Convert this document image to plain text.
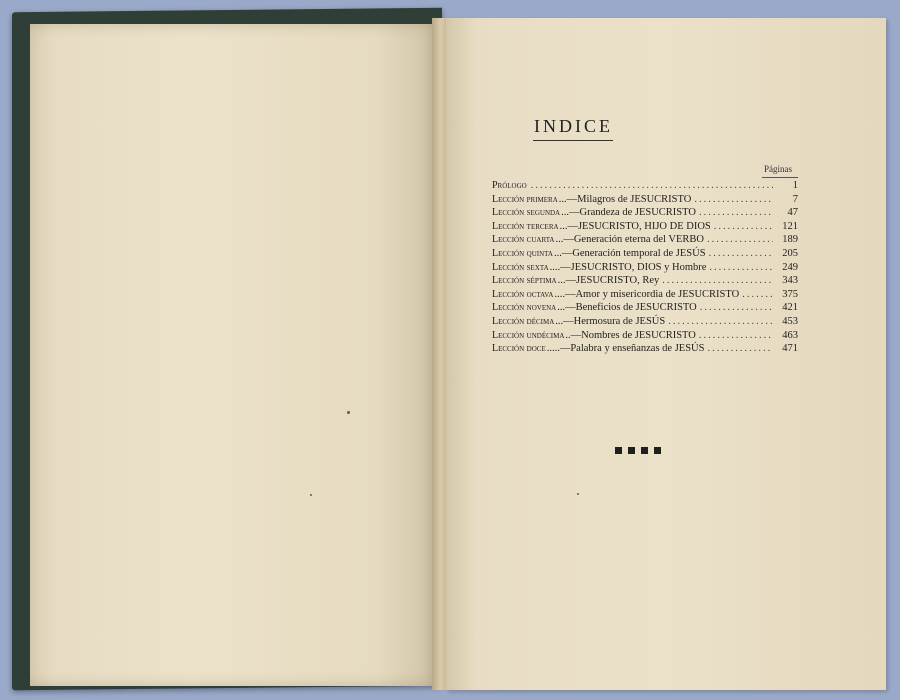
INDICE
Páginas
Prólogo .....	1
Lección primera ...—Milagros de JESUCRISTO .....	7
Lección segunda ...—Grandeza de JESUCRISTO .....	47
Lección tercera ...—JESUCRISTO, HIJO DE DIOS .....	121
Lección cuarta ...—Generación eterna del VERBO .....	189
Lección quinta ...—Generación temporal de JESÚS .....	205
Lección sexta ....—JESUCRISTO, DIOS y Hombre .....	249
Lección séptima ...—JESUCRISTO, Rey .....	343
Lección octava ....—Amor y misericordia de JESUCRISTO .....	375
Lección novena ...—Beneficios de JESUCRISTO .....	421
Lección décima ...—Hermosura de JESÚS .....	453
Lección undécima ..—Nombres de JESUCRISTO .....	463
Lección doce .....—Palabra y enseñanzas de JESÚS .....	471
